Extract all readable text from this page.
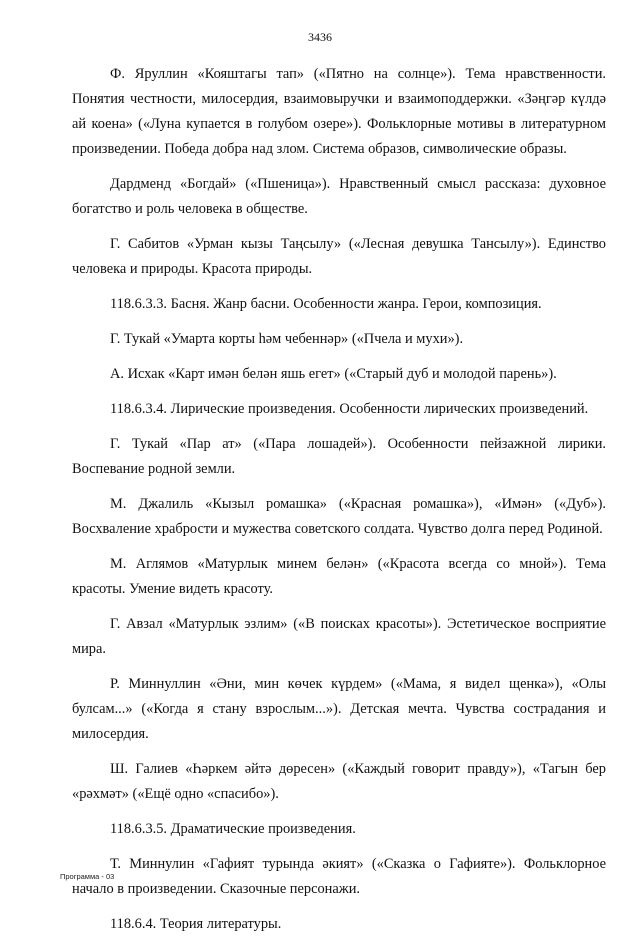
3436

Ф. Яруллин «Кояштагы тап» («Пятно на солнце»). Тема нравственности. Понятия честности, милосердия, взаимовыручки и взаимоподдержки. «Зәңгәр күлдә ай коена» («Луна купается в голубом озере»). Фольклорные мотивы в литературном произведении. Победа добра над злом. Система образов, символические образы.

Дардменд «Богдай» («Пшеница»). Нравственный смысл рассказа: духовное богатство и роль человека в обществе.

Г. Сабитов «Урман кызы Таңсылу» («Лесная девушка Тансылу»). Единство человека и природы. Красота природы.

118.6.3.3. Басня. Жанр басни. Особенности жанра. Герои, композиция.

Г. Тукай «Умарта корты һәм чебеннәр» («Пчела и мухи»).

А. Исхак «Карт имән белән яшь егет» («Старый дуб и молодой парень»).

118.6.3.4. Лирические произведения. Особенности лирических произведений.

Г. Тукай «Пар ат» («Пара лошадей»). Особенности пейзажной лирики. Воспевание родной земли.

М. Джалиль «Кызыл ромашка» («Красная ромашка»), «Имән» («Дуб»). Восхваление храбрости и мужества советского солдата. Чувство долга перед Родиной.

М. Аглямов «Матурлык минем белән» («Красота всегда со мной»). Тема красоты. Умение видеть красоту.

Г. Авзал «Матурлык эзлим» («В поисках красоты»). Эстетическое восприятие мира.

Р. Миннуллин «Әни, мин көчек күрдем» («Мама, я видел щенка»), «Олы булсам...» («Когда я стану взрослым...»). Детская мечта. Чувства сострадания и милосердия.

Ш. Галиев «Һәркем әйтә дөресен» («Каждый говорит правду»), «Тагын бер «рәхмәт» («Ещё одно «спасибо»).

118.6.3.5. Драматические произведения.

Т. Миннулин «Гафият турында әкият» («Сказка о Гафияте»). Фольклорное начало в произведении. Сказочные персонажи.

118.6.4. Теория литературы.

Программа - 03
